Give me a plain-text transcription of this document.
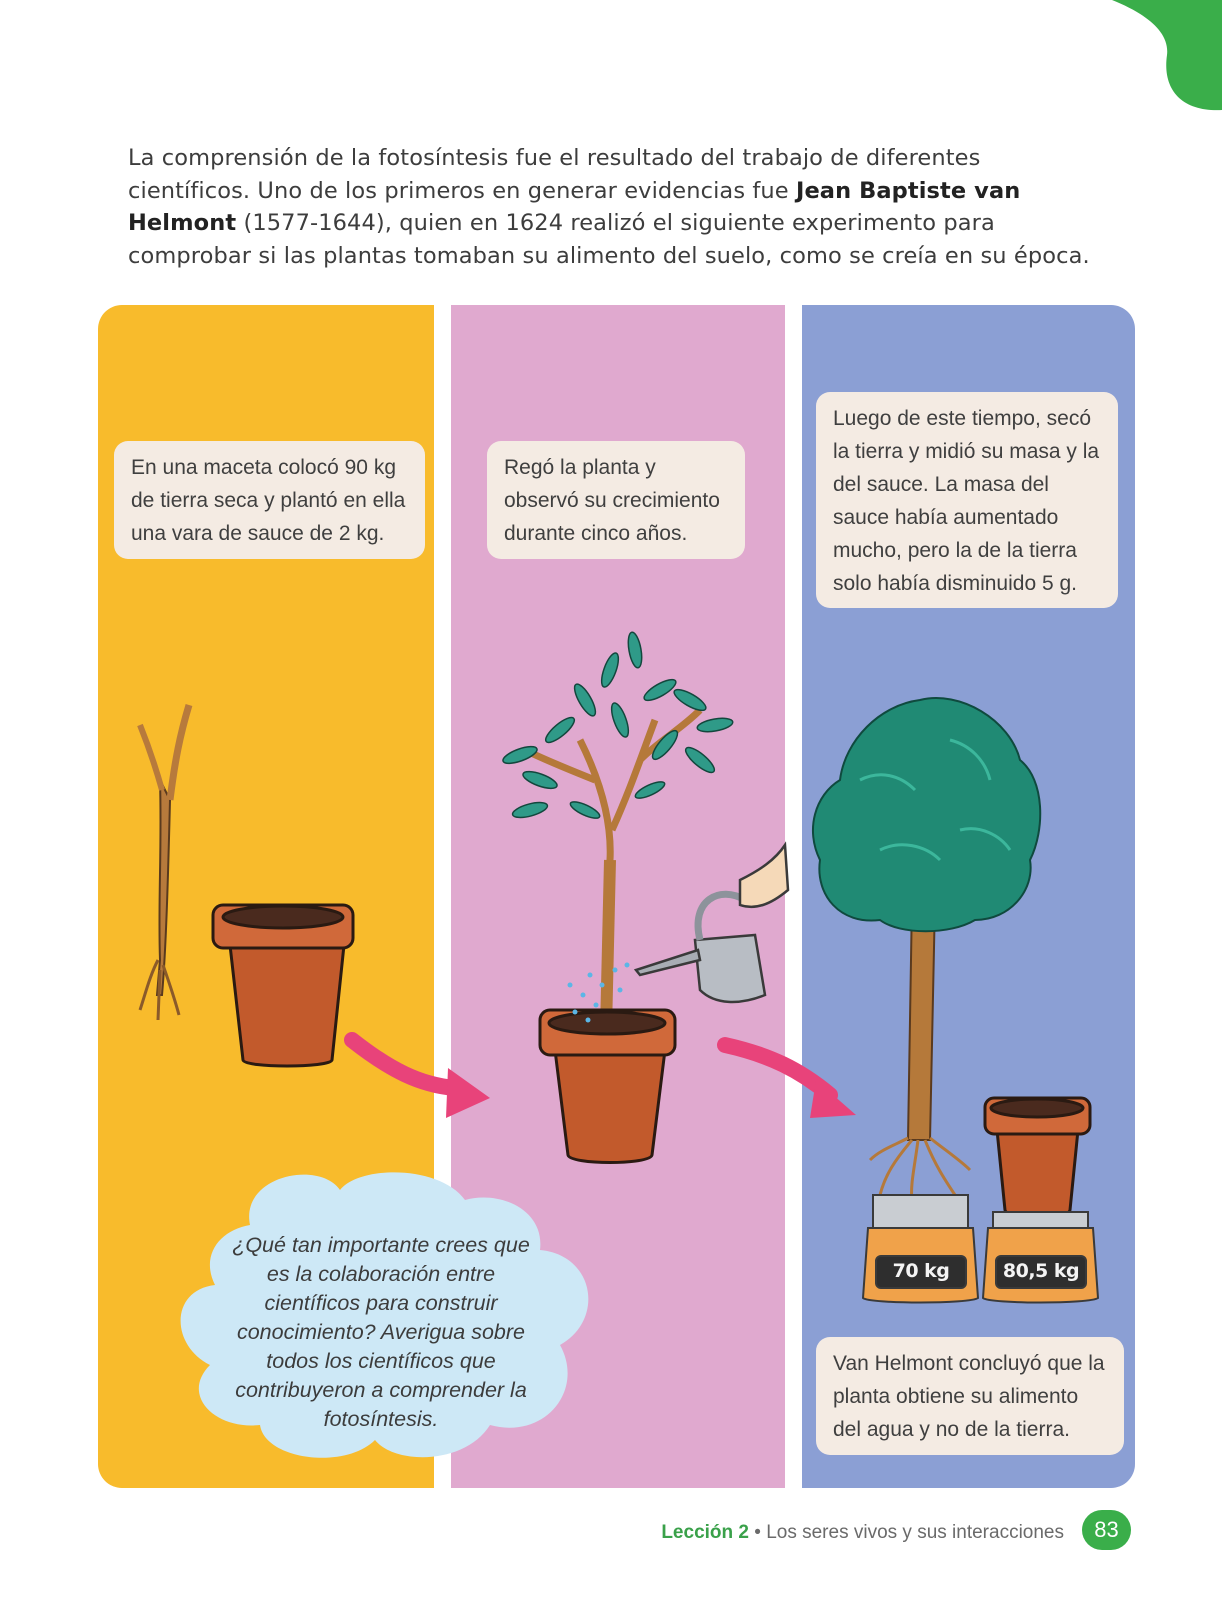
La comprensión de la fotosíntesis fue el resultado del trabajo de diferentes científicos. Uno de los primeros en generar evidencias fue Jean Baptiste van Helmont (1577-1644), quien en 1624 realizó el siguiente experimento para comprobar si las plantas tomaban su alimento del suelo, como se creía en su época.

En una maceta colocó 90 kg de tierra seca y plantó en ella una vara de sauce de 2 kg.
Regó la planta y observó su crecimiento durante cinco años.
Luego de este tiempo, secó la tierra y midió su masa y la del sauce. La masa del sauce había aumentado mucho, pero la de la tierra solo había disminuido 5 g.
Van Helmont concluyó que la planta obtiene su alimento del agua y no de la tierra.
¿Qué tan importante crees que es la colaboración entre científicos para construir conocimiento? Averigua sobre todos los científicos que contribuyeron a comprender la fotosíntesis.
70 kg	80,5 kg
Lección 2 • Los seres vivos y sus interacciones	83
